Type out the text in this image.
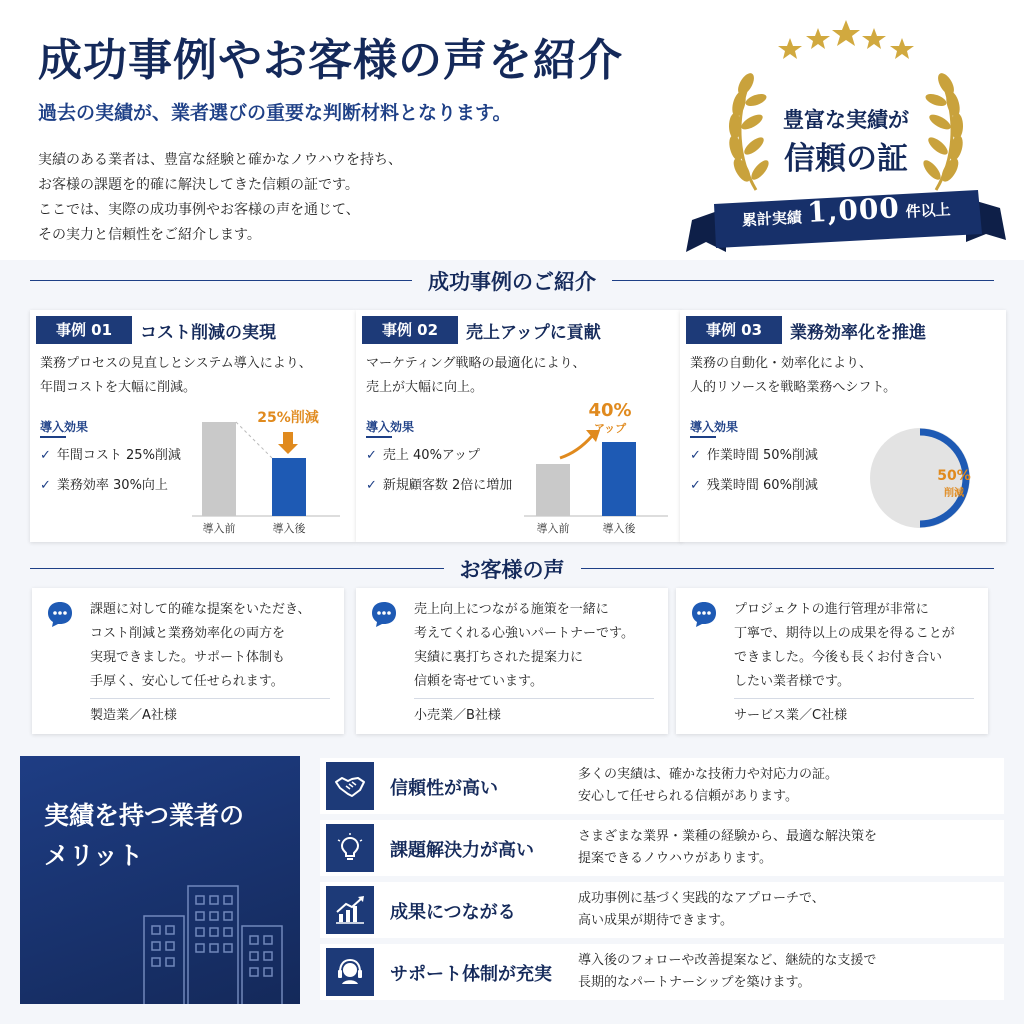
成功事例やお客様の声を紹介
過去の実績が、業者選びの重要な判断材料となります。
実績のある業者は、豊富な経験と確かなノウハウを持ち、
お客様の課題を的確に解決してきた信頼の証です。
ここでは、実際の成功事例やお客様の声を通じて、
その実力と信頼性をご紹介します。
豊富な実績が
信頼の証
累計実績 1,000 件以上
成功事例のご紹介
事例 01	コスト削減の実現
業務プロセスの見直しとシステム導入により、
年間コストを大幅に削減。
導入効果
✓ 年間コスト 25%削減
✓ 業務効率 30%向上
25%削減
導入前	導入後
事例 02	売上アップに貢献
マーケティング戦略の最適化により、
売上が大幅に向上。
導入効果
✓ 売上 40%アップ
✓ 新規顧客数 2倍に増加
40%
アップ
導入前	導入後
事例 03	業務効率化を推進
業務の自動化・効率化により、
人的リソースを戦略業務へシフト。
導入効果
✓ 作業時間 50%削減
✓ 残業時間 60%削減
50%
削減
お客様の声
課題に対して的確な提案をいただき、
コスト削減と業務効率化の両方を
実現できました。サポート体制も
手厚く、安心して任せられます。
製造業／A社様
売上向上につながる施策を一緒に
考えてくれる心強いパートナーです。
実績に裏打ちされた提案力に
信頼を寄せています。
小売業／B社様
プロジェクトの進行管理が非常に
丁寧で、期待以上の成果を得ることが
できました。今後も長くお付き合い
したい業者様です。
サービス業／C社様
実績を持つ業者の
メリット
信頼性が高い
多くの実績は、確かな技術力や対応力の証。
安心して任せられる信頼があります。
課題解決力が高い
さまざまな業界・業種の経験から、最適な解決策を
提案できるノウハウがあります。
成果につながる
成功事例に基づく実践的なアプローチで、
高い成果が期待できます。
サポート体制が充実
導入後のフォローや改善提案など、継続的な支援で
長期的なパートナーシップを築けます。
